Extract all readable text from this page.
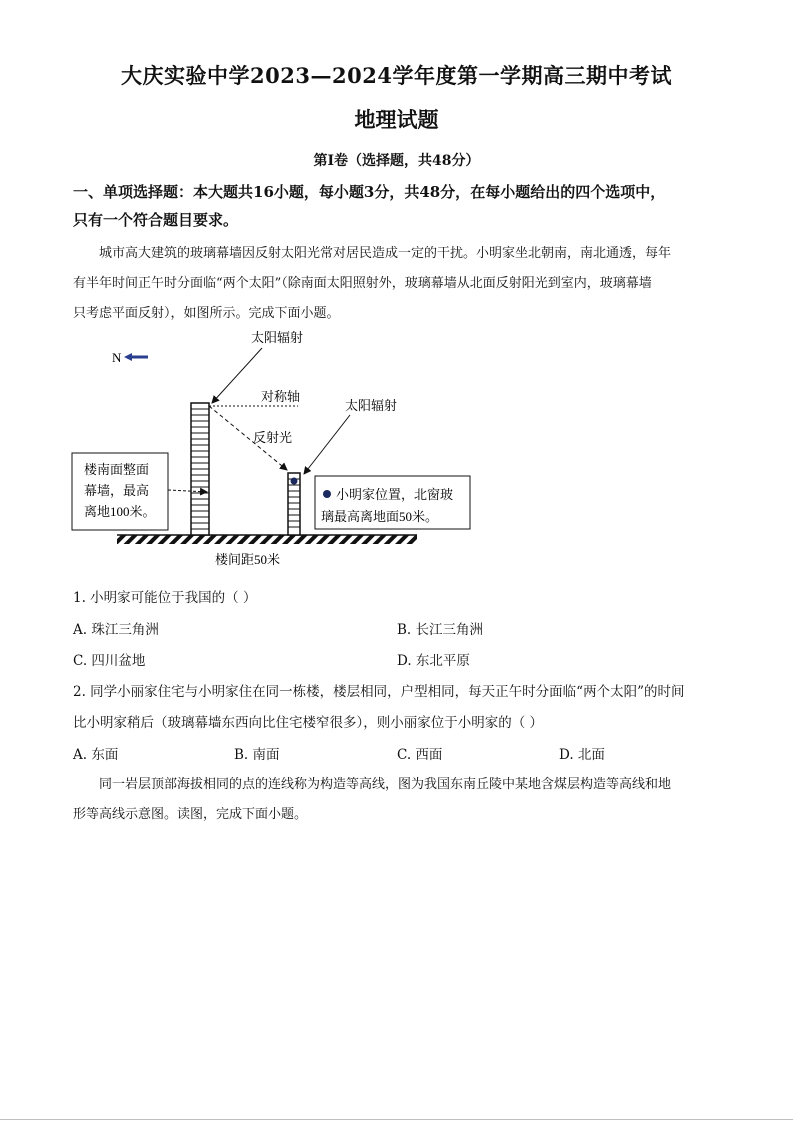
大庆实验中学2023—2024学年度第一学期高三期中考试
地理试题
第Ⅰ卷（选择题，共48分）
一、单项选择题：本大题共16小题，每小题3分，共48分，在每小题给出的四个选项中，
只有一个符合题目要求。
城市高大建筑的玻璃幕墙因反射太阳光常对居民造成一定的干扰。小明家坐北朝南，南北通透，每年
有半年时间正午时分面临“两个太阳”（除南面太阳照射外，玻璃幕墙从北面反射阳光到室内，玻璃幕墙
只考虑平面反射），如图所示。完成下面小题。
N
太阳辐射
对称轴
反射光
太阳辐射
楼南面整面
幕墙，最高
离地100米。
小明家位置，北窗玻
璃最高离地面50米。
楼间距50米
1. 小明家可能位于我国的（ ）
A. 珠江三角洲	B. 长江三角洲
C. 四川盆地	D. 东北平原
2. 同学小丽家住宅与小明家住在同一栋楼，楼层相同，户型相同，每天正午时分面临“两个太阳”的时间
比小明家稍后（玻璃幕墙东西向比住宅楼窄很多），则小丽家位于小明家的（ ）
A. 东面	B. 南面	C. 西面	D. 北面
同一岩层顶部海拔相同的点的连线称为构造等高线，图为我国东南丘陵中某地含煤层构造等高线和地
形等高线示意图。读图，完成下面小题。
